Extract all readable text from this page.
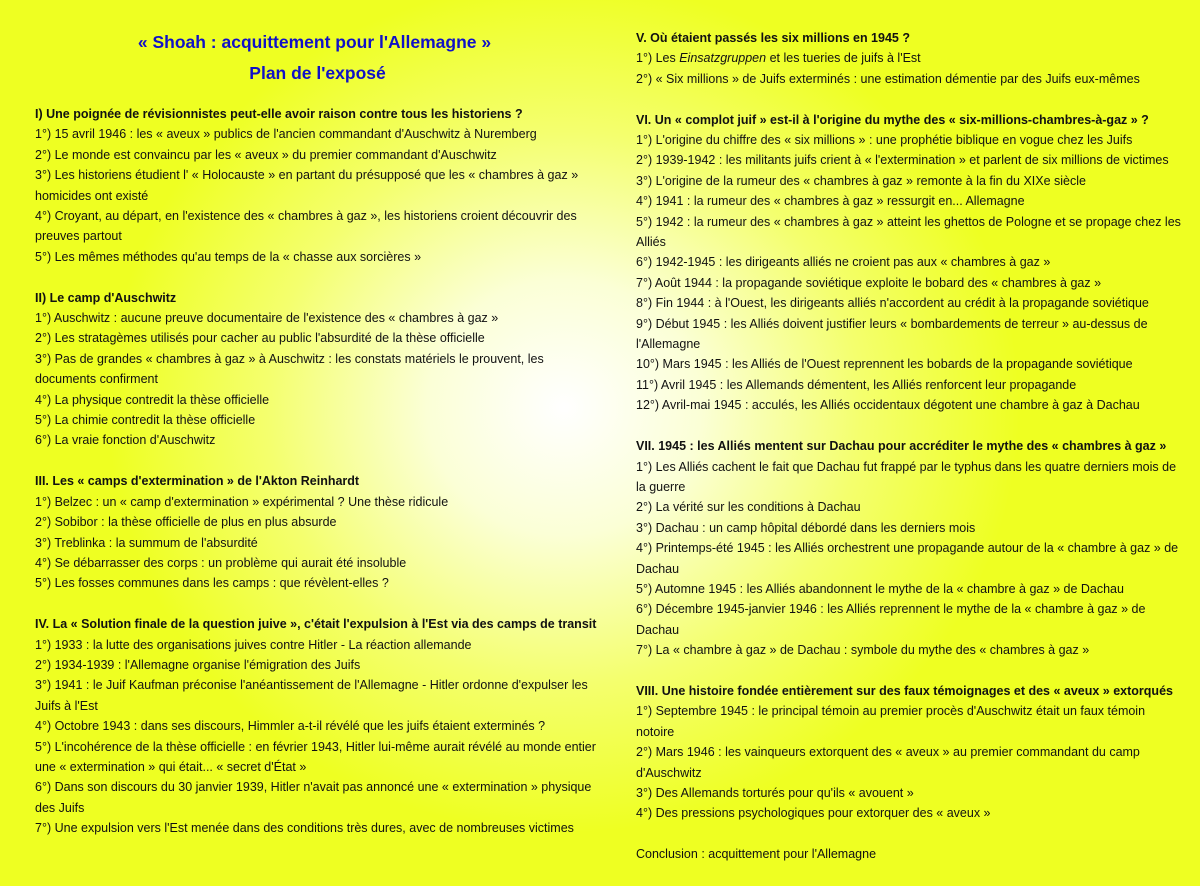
« Shoah : acquittement pour l'Allemagne »

Plan de l'exposé

I) Une poignée de révisionnistes peut-elle avoir raison contre tous les historiens ?

1°) 15 avril 1946 : les « aveux » publics de l'ancien commandant d'Auschwitz à Nuremberg

2°) Le monde est convaincu par les « aveux » du premier commandant d'Auschwitz

3°) Les historiens étudient l' « Holocauste » en partant du présupposé que les « chambres à gaz » homicides ont existé

4°) Croyant, au départ, en l'existence des « chambres à gaz », les historiens croient découvrir des preuves partout

5°) Les mêmes méthodes qu'au temps de la « chasse aux sorcières »

II) Le camp d'Auschwitz

1°) Auschwitz : aucune preuve documentaire de l'existence des « chambres à gaz »

2°) Les stratagèmes utilisés pour cacher au public l'absurdité de la thèse officielle

3°) Pas de grandes « chambres à gaz » à Auschwitz : les constats matériels le prouvent, les documents confirment

4°) La physique contredit la thèse officielle

5°) La chimie contredit la thèse officielle

6°) La vraie fonction d'Auschwitz

III. Les « camps d'extermination » de l'Akton Reinhardt

1°) Belzec : un « camp d'extermination » expérimental ? Une thèse ridicule

2°) Sobibor : la thèse officielle de plus en plus absurde

3°) Treblinka : la summum de l'absurdité

4°) Se débarrasser des corps : un problème qui aurait été insoluble

5°) Les fosses communes dans les camps : que révèlent-elles ?

IV. La « Solution finale de la question juive », c'était l'expulsion à l'Est via des camps de transit

1°) 1933 : la lutte des organisations juives contre Hitler - La réaction allemande

2°) 1934-1939 : l'Allemagne organise l'émigration des Juifs

3°) 1941 : le Juif Kaufman préconise l'anéantissement de l'Allemagne - Hitler ordonne d'expulser les Juifs à l'Est

4°) Octobre 1943 : dans ses discours, Himmler a-t-il révélé que les juifs étaient exterminés ?

5°) L'incohérence de la thèse officielle : en février 1943, Hitler lui-même aurait révélé au monde entier une « extermination » qui était... « secret d'État »

6°) Dans son discours du 30 janvier 1939, Hitler n'avait pas annoncé une « extermination » physique des Juifs

7°) Une expulsion vers l'Est menée dans des conditions très dures, avec de nombreuses victimes

V. Où étaient passés les six millions en 1945 ?

1°) Les Einsatzgruppen et les tueries de juifs à l'Est

2°) « Six millions » de Juifs exterminés : une estimation démentie par des Juifs eux-mêmes

VI. Un « complot juif » est-il à l'origine du mythe des « six-millions-chambres-à-gaz » ?

1°) L'origine du chiffre des « six millions » : une prophétie biblique en vogue chez les Juifs

2°) 1939-1942 : les militants juifs crient à « l'extermination » et parlent de six millions de victimes

3°) L'origine de la rumeur des « chambres à gaz » remonte à la fin du XIXe siècle

4°) 1941 : la rumeur des « chambres à gaz » ressurgit en... Allemagne

5°) 1942 : la rumeur des « chambres à gaz » atteint les ghettos de Pologne et se propage chez les Alliés

6°) 1942-1945 : les dirigeants alliés ne croient pas aux « chambres à gaz »

7°) Août 1944 : la propagande soviétique exploite le bobard des « chambres à gaz »

8°) Fin 1944 : à l'Ouest, les dirigeants alliés n'accordent au crédit à la propagande soviétique

9°) Début 1945 : les Alliés doivent justifier leurs « bombardements de terreur » au-dessus de l'Allemagne

10°) Mars 1945 : les Alliés de l'Ouest reprennent les bobards de la propagande soviétique

11°) Avril 1945 : les Allemands démentent, les Alliés renforcent leur propagande

12°) Avril-mai 1945 : acculés, les Alliés occidentaux dégotent une chambre à gaz à Dachau

VII. 1945 : les Alliés mentent sur Dachau pour accréditer le mythe des « chambres à gaz »

1°) Les Alliés cachent le fait que Dachau fut frappé par le typhus dans les quatre derniers mois de la guerre

2°) La vérité sur les conditions à Dachau

3°) Dachau : un camp hôpital débordé dans les derniers mois

4°) Printemps-été 1945 : les Alliés orchestrent une propagande autour de la « chambre à gaz » de Dachau

5°) Automne 1945 : les Alliés abandonnent le mythe de la « chambre à gaz » de Dachau

6°) Décembre 1945-janvier 1946 : les Alliés reprennent le mythe de la « chambre à gaz » de Dachau

7°) La « chambre à gaz » de Dachau : symbole du mythe des « chambres à gaz »

VIII. Une histoire fondée entièrement sur des faux témoignages et des « aveux » extorqués

1°) Septembre 1945 : le principal témoin au premier procès d'Auschwitz était un faux témoin notoire

2°) Mars 1946 : les vainqueurs extorquent des « aveux » au premier commandant du camp d'Auschwitz

3°) Des Allemands torturés pour qu'ils « avouent »

4°) Des pressions psychologiques pour extorquer des « aveux »

Conclusion : acquittement pour l'Allemagne
